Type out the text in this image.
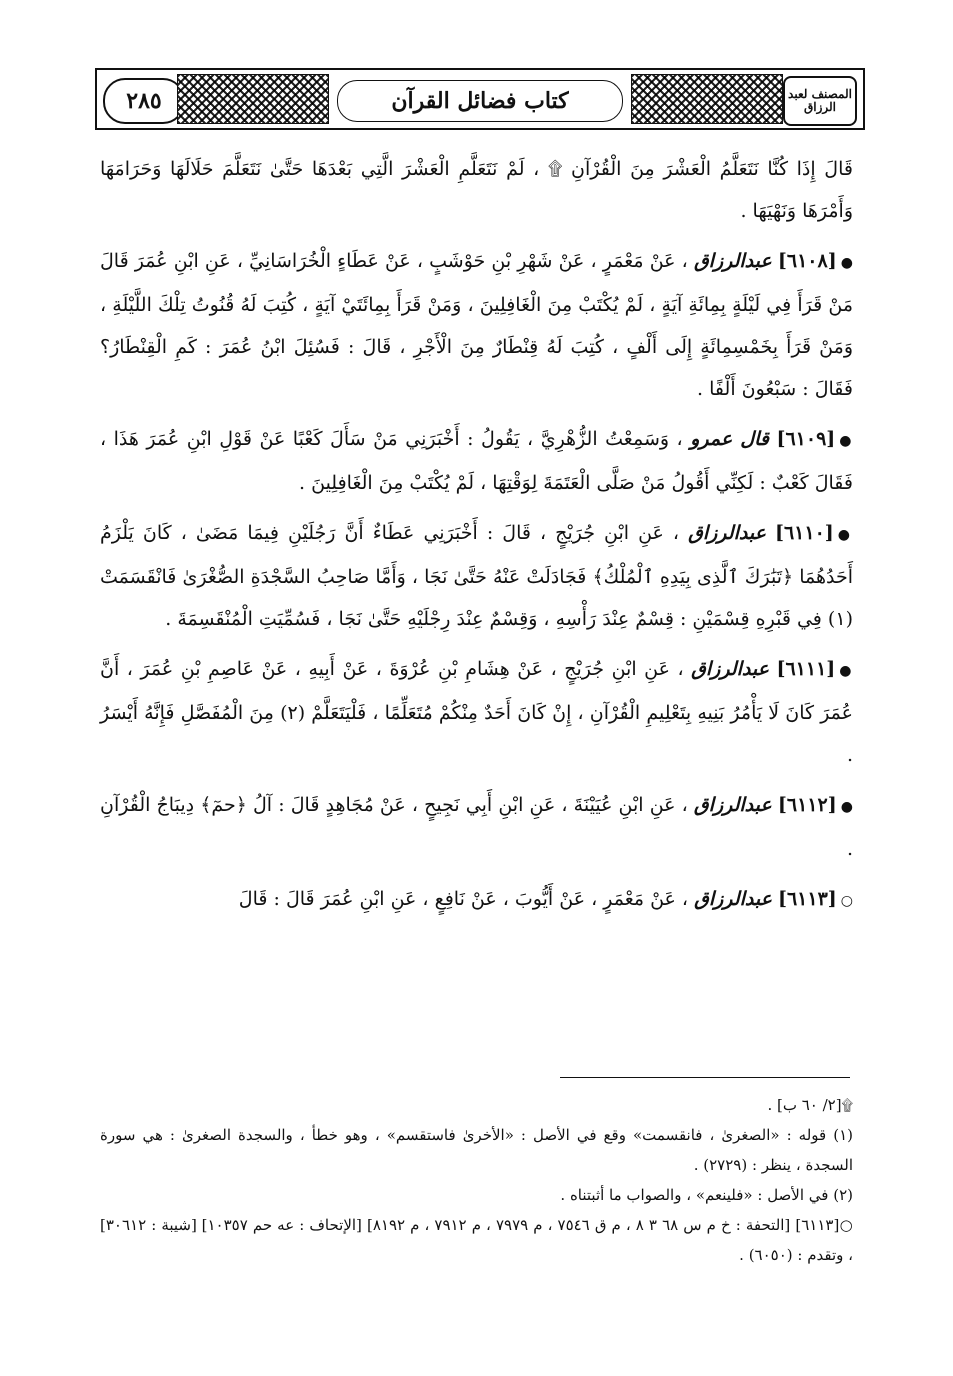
٢٨٥	كتاب فضائل القرآن	المصنف لعبد الرزاق

قَالَ إِذَا كُنَّا نَتَعَلَّمُ الْعَشْرَ مِنَ الْقُرْآنِ ۩ ، لَمْ نَتَعَلَّمِ الْعَشْرَ الَّتِي بَعْدَهَا حَتَّىٰ نَتَعَلَّمَ حَلَالَهَا وَحَرَامَهَا وَأَمْرَهَا وَنَهْيَهَا .

●[٦١٠٨] عبدالرزاق ، عَنْ مَعْمَرٍ ، عَنْ شَهْرِ بْنِ حَوْشَبٍ ، عَنْ عَطَاءٍ الْخُرَاسَانِيِّ ، عَنِ ابْنِ عُمَرَ قَالَ مَنْ قَرَأَ فِي لَيْلَةٍ بِمِائَةِ آيَةٍ ، لَمْ يُكْتَبْ مِنَ الْغَافِلِينَ ، وَمَنْ قَرَأَ بِمِائَتَيْ آيَةٍ ، كُتِبَ لَهُ قُنُوتُ تِلْكَ اللَّيْلَةِ ، وَمَنْ قَرَأَ بِخَمْسِمِائَةٍ إِلَى أَلْفٍ ، كُتِبَ لَهُ قِنْطَارٌ مِنَ الْأَجْرِ ، قَالَ : فَسُئِلَ ابْنُ عُمَرَ : كَمِ الْقِنْطَارُ؟ فَقَالَ : سَبْعُونَ أَلْفًا .

●[٦١٠٩] قال عمرو ، وَسَمِعْتُ الزُّهْرِيَّ ، يَقُولُ : أَخْبَرَنِي مَنْ سَأَلَ كَعْبًا عَنْ قَوْلِ ابْنِ عُمَرَ هَذَا ، فَقَالَ كَعْبٌ : لَكِنِّي أَقُولُ مَنْ صَلَّى الْعَتَمَةَ لِوَقْتِهَا ، لَمْ يُكْتَبْ مِنَ الْغَافِلِينَ .

●[٦١١٠] عبدالرزاق ، عَنِ ابْنِ جُرَيْجٍ ، قَالَ : أَخْبَرَنِي عَطَاءٌ أَنَّ رَجُلَيْنِ فِيمَا مَضَىٰ ، كَانَ يَلْزَمُ أَحَدُهُمَا ﴿تَبَٰرَكَ ٱلَّذِى بِيَدِهِ ٱلْمُلْكُ﴾ فَجَادَلَتْ عَنْهُ حَتَّىٰ نَجَا ، وَأَمَّا صَاحِبُ السَّجْدَةِ الصُّغْرَىٰ فَانْقَسَمَتْ (١) فِي قَبْرِهِ قِسْمَيْنِ : قِسْمٌ عِنْدَ رَأْسِهِ ، وَقِسْمٌ عِنْدَ رِجْلَيْهِ حَتَّىٰ نَجَا ، فَسُمِّيَتِ الْمُنْقَسِمَةَ .

●[٦١١١] عبدالرزاق ، عَنِ ابْنِ جُرَيْجٍ ، عَنْ هِشَامِ بْنِ عُرْوَةَ ، عَنْ أَبِيهِ ، عَنْ عَاصِمِ بْنِ عُمَرَ ، أَنَّ عُمَرَ كَانَ لَا يَأْمُرُ بَنِيهِ بِتَعْلِيمِ الْقُرْآنِ ، إِنْ كَانَ أَحَدٌ مِنْكُمْ مُتَعَلِّمًا ، فَلْيَتَعَلَّمْ (٢) مِنَ الْمُفَصَّلِ فَإِنَّهُ أَيْسَرُ .

●[٦١١٢] عبدالرزاق ، عَنِ ابْنِ عُيَيْنَةَ ، عَنِ ابْنِ أَبِي نَجِيحٍ ، عَنْ مُجَاهِدٍ قَالَ : آلُ ﴿حمٓ﴾ دِيبَاجُ الْقُرْآنِ .

○[٦١١٣] عبدالرزاق ، عَنْ مَعْمَرٍ ، عَنْ أَيُّوبَ ، عَنْ نَافِعٍ ، عَنِ ابْنِ عُمَرَ قَالَ : قَالَ

۩[٢/ ٦٠ ب] .

(١) قوله : «الصغرىٰ ، فانقسمت» وقع في الأصل : «الأخرىٰ فاستقسم» ، وهو خطأ ، والسجدة الصغرىٰ : هي سورة السجدة ، ينظر : (٢٧٢٩) .

(٢) في الأصل : «فلينعم» ، والصواب ما أثبتناه .

○[٦١١٣] [التحفة : خ م س ٦٨ ٣ ٨ ، م ق ٧٥٤٦ ، م ٧٩٧٩ ، م ٧٩١٢ ، م ٨١٩٢] [الإتحاف : عه حم ١٠٣٥٧] [شيبة : ٣٠٦١٢] ، وتقدم : (٦٠٥٠) .
